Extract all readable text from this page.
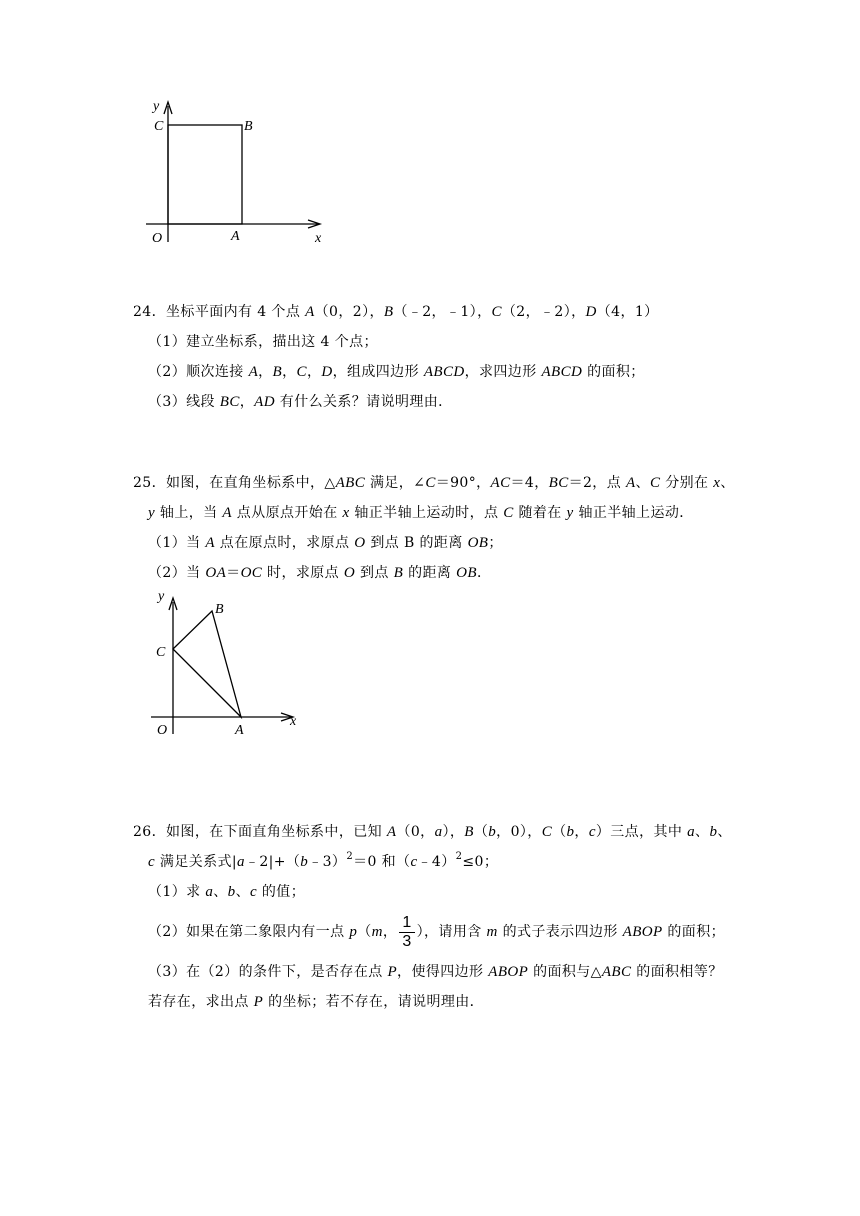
y
x
O	A
B
C
24．坐标平面内有 4 个点 A（0，2），B（﹣2，﹣1），C（2，﹣2），D（4，1）
（1）建立坐标系，描出这 4 个点；
（2）顺次连接 A，B，C，D，组成四边形 ABCD，求四边形 ABCD 的面积；
（3）线段 BC，AD 有什么关系？请说明理由．
25．如图，在直角坐标系中，△ABC 满足，∠C＝90°，AC＝4，BC＝2，点 A、C 分别在 x、
y 轴上，当 A 点从原点开始在 x 轴正半轴上运动时，点 C 随着在 y 轴正半轴上运动．
（1）当 A 点在原点时，求原点 O 到点 B 的距离 OB；
（2）当 OA＝OC 时，求原点 O 到点 B 的距离 OB．
y
x
O	A
B
C
26．如图，在下面直角坐标系中，已知 A（0，a），B（b，0），C（b，c）三点，其中 a、b、
c 满足关系式|a﹣2|+（b﹣3）$^2$＝0 和（c﹣4）$^2$≤0；
（1）求 a、b、c 的值；
（2）如果在第二象限内有一点 p（m， $\frac{1}{3}$ ），请用含 m 的式子表示四边形 ABOP 的面积；
（3）在（2）的条件下，是否存在点 P，使得四边形 ABOP 的面积与△ABC 的面积相等？
若存在，求出点 P 的坐标；若不存在，请说明理由．
